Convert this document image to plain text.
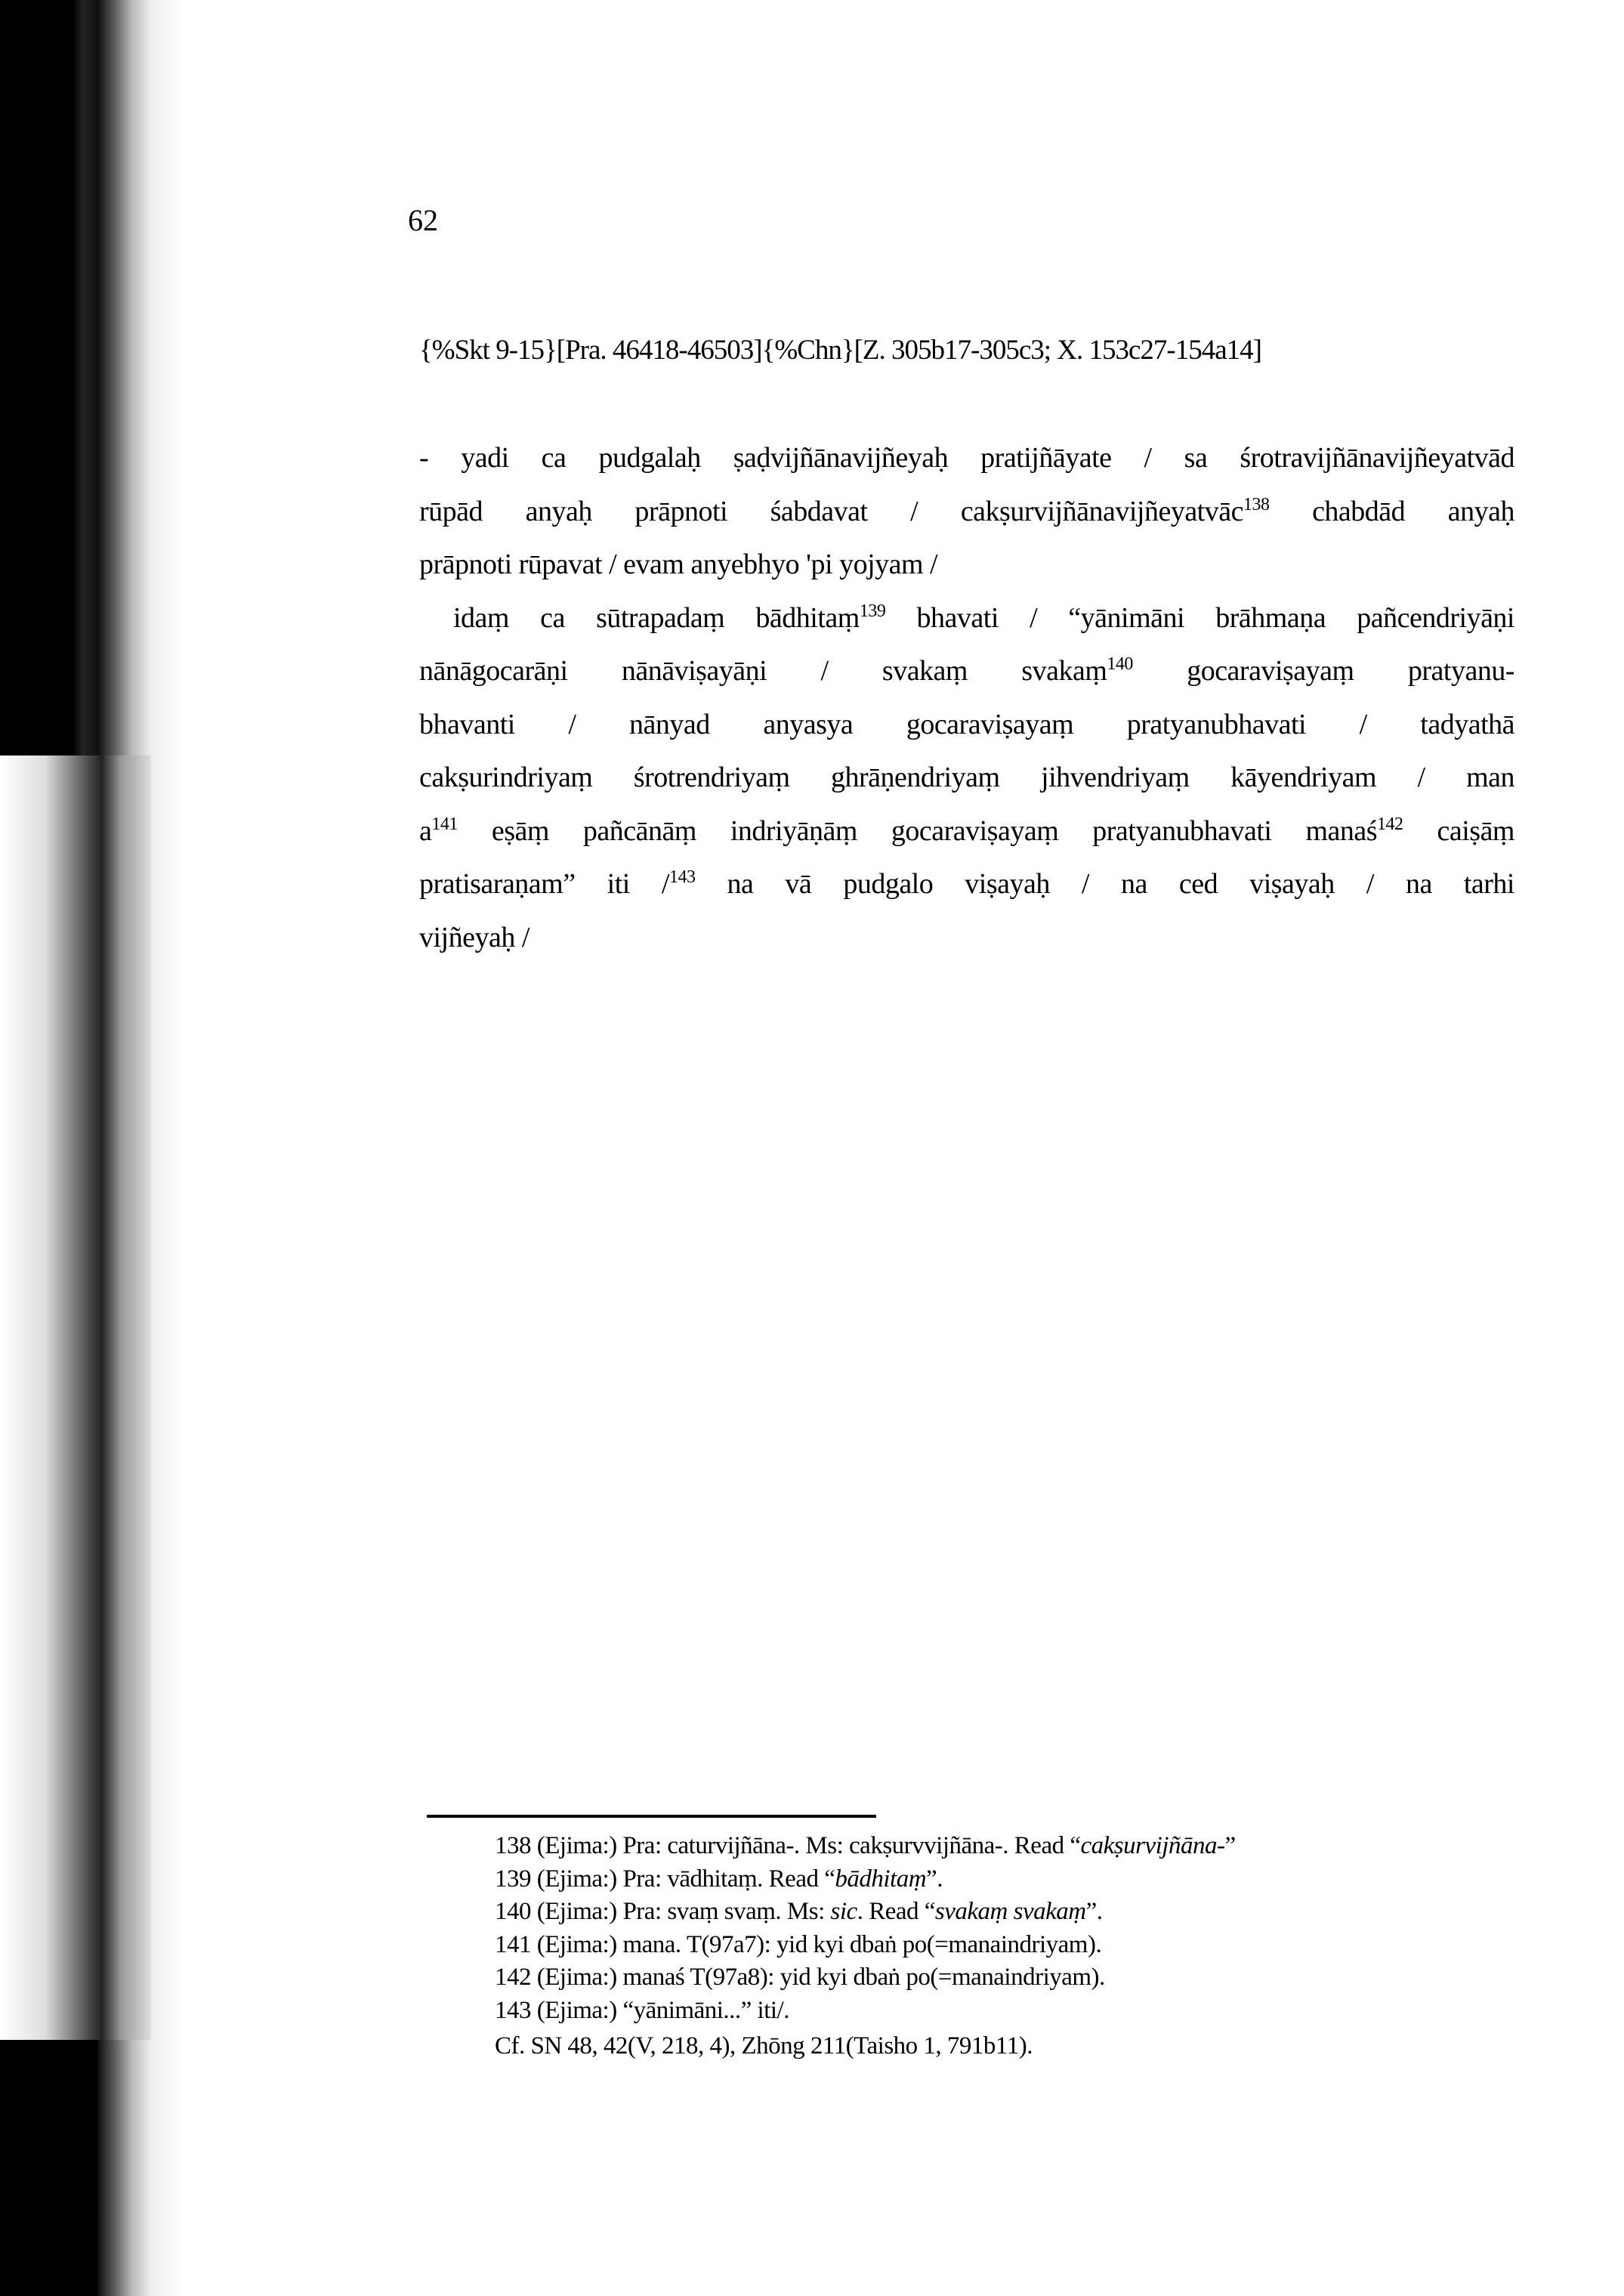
62
{%Skt 9-15}[Pra. 46418-46503]{%Chn}[Z. 305b17-305c3; X. 153c27-154a14]
- yadi ca pudgalaḥ ṣaḍvijñānavijñeyaḥ pratijñāyate / sa śrotravijñānavijñeyatvād
rūpād anyaḥ prāpnoti śabdavat / cakṣurvijñānavijñeyatvāc$^{138}$ chabdād anyaḥ
prāpnoti rūpavat / evam anyebhyo 'pi yojyam /
idaṃ ca sūtrapadaṃ bādhitaṃ$^{139}$ bhavati / “yānimāni brāhmaṇa pañcendriyāṇi
nānāgocarāṇi nānāviṣayāṇi / svakaṃ svakaṃ$^{140}$ gocaraviṣayaṃ pratyanu-
bhavanti / nānyad anyasya gocaraviṣayaṃ pratyanubhavati / tadyathā
cakṣurindriyaṃ śrotrendriyaṃ ghrāṇendriyaṃ jihvendriyaṃ kāyendriyam / man
$a^{141}$ eṣāṃ pañcānāṃ indriyāṇāṃ gocaraviṣayaṃ pratyanubhavati manaś$^{142}$ caiṣāṃ
pratisaraṇam” iti /$^{143}$ na vā pudgalo viṣayaḥ / na ced viṣayaḥ / na tarhi
vijñeyaḥ /
138 (Ejima:) Pra: caturvijñāna-. Ms: cakṣurvvijñāna-. Read “cakṣurvijñāna-”
139 (Ejima:) Pra: vādhitaṃ. Read “bādhitaṃ”.
140 (Ejima:) Pra: svaṃ svaṃ. Ms: sic. Read “svakaṃ svakaṃ”.
141 (Ejima:) mana. T(97a7): yid kyi dbaṅ po(=manaindriyam).
142 (Ejima:) manaś T(97a8): yid kyi dbaṅ po(=manaindriyam).
143 (Ejima:) “yānimāni...” iti/.
Cf. SN 48, 42(V, 218, 4), Zhōng 211(Taisho 1, 791b11).
